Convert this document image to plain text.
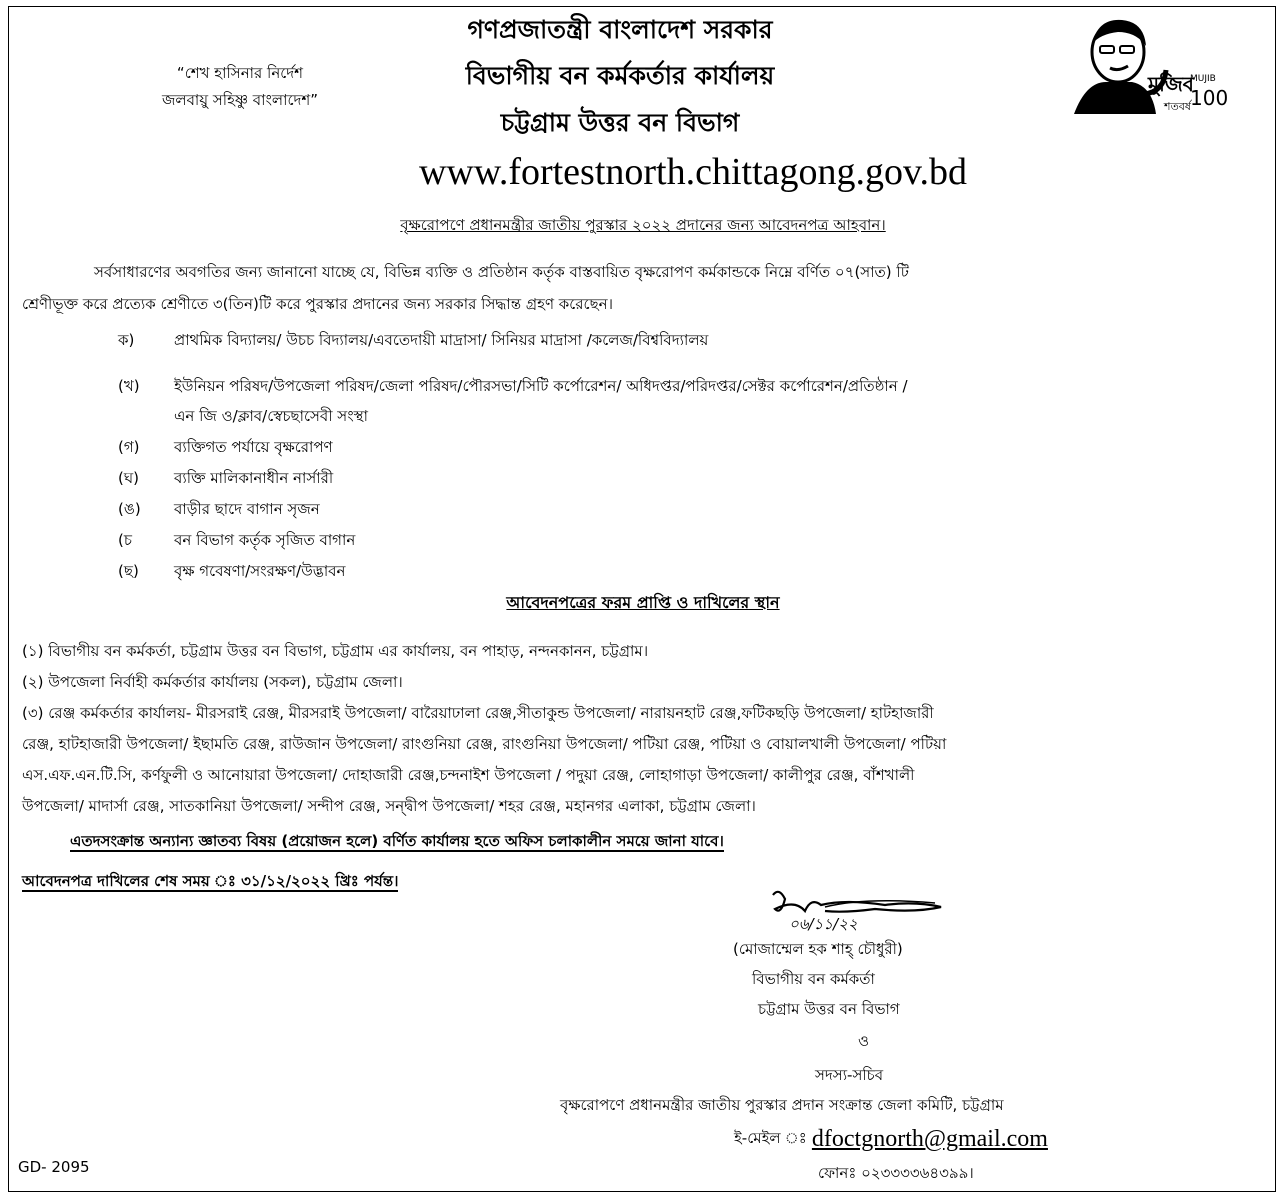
“শেখ হাসিনার নির্দেশ
জলবায়ু সহিষ্ণু বাংলাদেশ”
গণপ্রজাতন্ত্রী বাংলাদেশ সরকার
বিভাগীয় বন কর্মকর্তার কার্যালয়
চট্টগ্রাম উত্তর বন বিভাগ
www.fortestnorth.chittagong.gov.bd
মুজিব
শতবর্ষ
MUJIB
100
বৃক্ষরোপণে প্রধানমন্ত্রীর জাতীয় পুরস্কার ২০২২ প্রদানের জন্য আবেদনপত্র আহবান।
সর্বসাধারণের অবগতির জন্য জানানো যাচ্ছে যে, বিভিন্ন ব্যক্তি ও প্রতিষ্ঠান কর্তৃক বাস্তবায়িত বৃক্ষরোপণ কর্মকান্ডকে নিম্নে বর্ণিত ০৭(সাত) টি
শ্রেণীভূক্ত করে প্রত্যেক শ্রেণীতে ৩(তিন)টি করে পুরস্কার প্রদানের জন্য সরকার সিদ্ধান্ত গ্রহণ করেছেন।
ক)	প্রাথমিক বিদ্যালয়/ উচচ বিদ্যালয়/এবতেদায়ী মাদ্রাসা/ সিনিয়র মাদ্রাসা /কলেজ/বিশ্ববিদ্যালয়
(খ) ইউনিয়ন পরিষদ/উপজেলা পরিষদ/জেলা পরিষদ/পৌরসভা/সিটি কর্পোরেশন/ অধিদপ্তর/পরিদপ্তর/সেক্টর কর্পোরেশন/প্রতিষ্ঠান /
এন জি ও/ক্লাব/স্বেচছাসেবী সংস্থা
(গ) ব্যক্তিগত পর্যায়ে বৃক্ষরোপণ
(ঘ) ব্যক্তি মালিকানাধীন নার্সারী
(ঙ) বাড়ীর ছাদে বাগান সৃজন
(চ	বন বিভাগ কর্তৃক সৃজিত বাগান
(ছ) বৃক্ষ গবেষণা/সংরক্ষণ/উদ্ভাবন
আবেদনপত্রের ফরম প্রাপ্তি ও দাখিলের স্থান
(১) বিভাগীয় বন কর্মকর্তা, চট্টগ্রাম উত্তর বন বিভাগ, চট্টগ্রাম এর কার্যালয়, বন পাহাড়, নন্দনকানন, চট্টগ্রাম।
(২) উপজেলা নির্বাহী কর্মকর্তার কার্যালয় (সকল), চট্টগ্রাম জেলা।
(৩) রেঞ্জ কর্মকর্তার কার্যালয়- মীরসরাই রেঞ্জ, মীরসরাই উপজেলা/ বারৈয়াঢালা রেঞ্জ,সীতাকুন্ড উপজেলা/ নারায়নহাট রেঞ্জ,ফটিকছড়ি উপজেলা/ হাটহাজারী
রেঞ্জ, হাটহাজারী উপজেলা/ ইছামতি রেঞ্জ, রাউজান উপজেলা/ রাংগুনিয়া রেঞ্জ, রাংগুনিয়া উপজেলা/ পটিয়া রেঞ্জ, পটিয়া ও বোয়ালখালী উপজেলা/ পটিয়া
এস.এফ.এন.টি.সি, কর্ণফুলী ও আনোয়ারা উপজেলা/ দোহাজারী রেঞ্জ,চন্দনাইশ উপজেলা / পদুয়া রেঞ্জ, লোহাগাড়া উপজেলা/ কালীপুর রেঞ্জ, বাঁশখালী
উপজেলা/ মাদার্সা রেঞ্জ, সাতকানিয়া উপজেলা/ সন্দীপ রেঞ্জ, সন্দ্বীপ উপজেলা/ শহর রেঞ্জ, মহানগর এলাকা, চট্টগ্রাম জেলা।
এতদসংক্রান্ত অন্যান্য জ্ঞাতব্য বিষয় (প্রয়োজন হলে) বর্ণিত কার্যালয় হতে অফিস চলাকালীন সময়ে জানা যাবে।
আবেদনপত্র দাখিলের শেষ সময় ঃ ৩১/১২/২০২২ খ্রিঃ পর্যন্ত।
০৬/১১/২২
(মোজাম্মেল হক শাহ্‌ চৌধুরী)
বিভাগীয় বন কর্মকর্তা
চট্টগ্রাম উত্তর বন বিভাগ
ও
সদস্য-সচিব
বৃক্ষরোপণে প্রধানমন্ত্রীর জাতীয় পুরস্কার প্রদান সংক্রান্ত জেলা কমিটি, চট্টগ্রাম
ই-মেইল ঃ dfoctgnorth@gmail.com
ফোনঃ ০২৩৩৩৩৬৪৩৯৯।
GD- 2095
